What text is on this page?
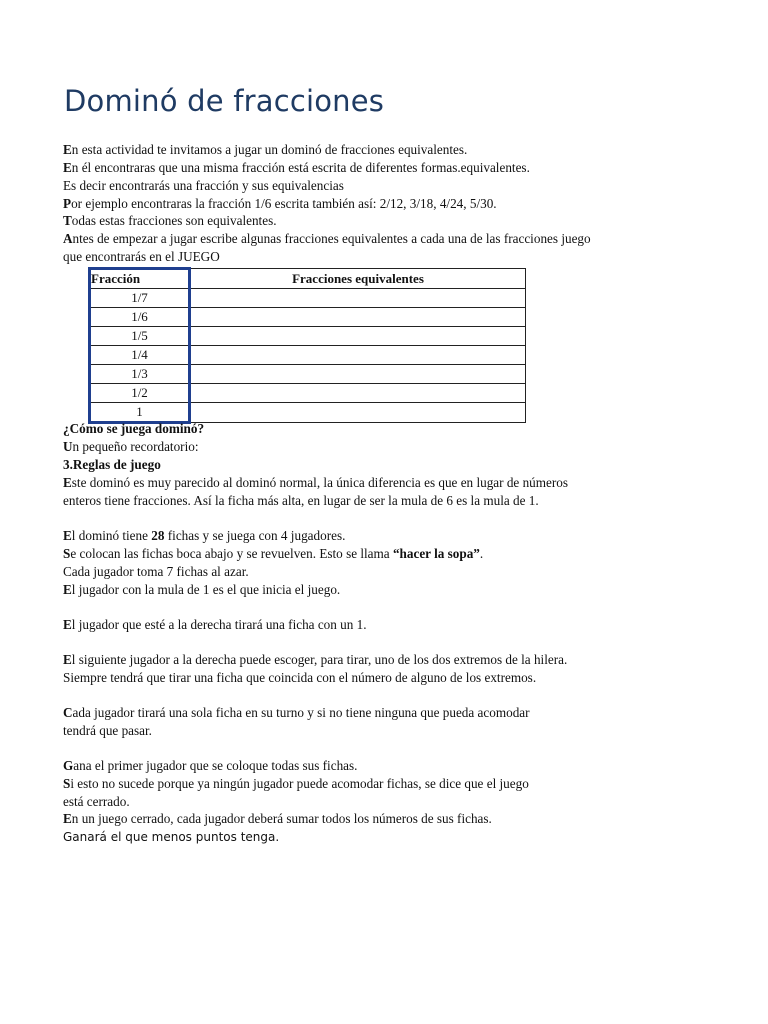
Dominó de fracciones
En esta actividad te invitamos a jugar un dominó de fracciones equivalentes.
En él encontraras que una misma fracción está escrita de diferentes formas.equivalentes.
Es decir encontrarás una fracción y sus equivalencias
Por ejemplo encontraras la fracción 1/6 escrita también así: 2/12, 3/18, 4/24, 5/30.
Todas estas fracciones son equivalentes.
Antes de empezar a jugar escribe algunas fracciones equivalentes a cada una de las fracciones juego
que encontrarás en el JUEGO
Fracción	Fracciones equivalentes
1/7	
1/6	
1/5	
1/4	
1/3	
1/2	
1	
¿Cómo se juega dominó?
Un pequeño recordatorio:
3.Reglas de juego
Este dominó es muy parecido al dominó normal, la única diferencia es que en lugar de números
enteros tiene fracciones. Así la ficha más alta, en lugar de ser la mula de 6 es la mula de 1.
El dominó tiene 28 fichas y se juega con 4 jugadores.
Se colocan las fichas boca abajo y se revuelven. Esto se llama “hacer la sopa”.
Cada jugador toma 7 fichas al azar.
El jugador con la mula de 1 es el que inicia el juego.
El jugador que esté a la derecha tirará una ficha con un 1.
El siguiente jugador a la derecha puede escoger, para tirar, uno de los dos extremos de la hilera.
Siempre tendrá que tirar una ficha que coincida con el número de alguno de los extremos.
Cada jugador tirará una sola ficha en su turno y si no tiene ninguna que pueda acomodar
tendrá que pasar.
Gana el primer jugador que se coloque todas sus fichas.
Si esto no sucede porque ya ningún jugador puede acomodar fichas, se dice que el juego
está cerrado.
En un juego cerrado, cada jugador deberá sumar todos los números de sus fichas.
Ganará el que menos puntos tenga.
